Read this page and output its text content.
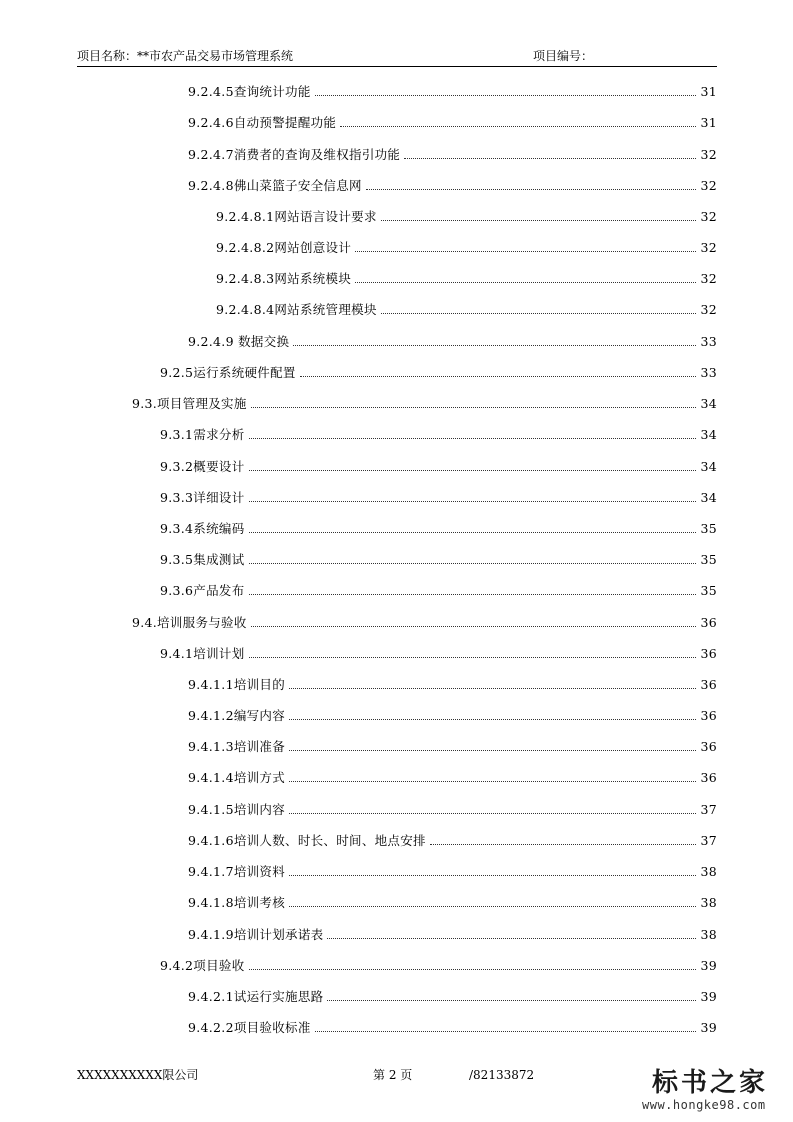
项目名称：**市农产品交易市场管理系统	项目编号：
9.2.4.5查询统计功能	31
9.2.4.6自动预警提醒功能	31
9.2.4.7消费者的查询及维权指引功能	32
9.2.4.8佛山菜篮子安全信息网	32
9.2.4.8.1网站语言设计要求	32
9.2.4.8.2网站创意设计	32
9.2.4.8.3网站系统模块	32
9.2.4.8.4网站系统管理模块	32
9.2.4.9 数据交换	33
9.2.5运行系统硬件配置	33
9.3.项目管理及实施	34
9.3.1需求分析	34
9.3.2概要设计	34
9.3.3详细设计	34
9.3.4系统编码	35
9.3.5集成测试	35
9.3.6产品发布	35
9.4.培训服务与验收	36
9.4.1培训计划	36
9.4.1.1培训目的	36
9.4.1.2编写内容	36
9.4.1.3培训准备	36
9.4.1.4培训方式	36
9.4.1.5培训内容	37
9.4.1.6培训人数、时长、时间、地点安排	37
9.4.1.7培训资料	38
9.4.1.8培训考核	38
9.4.1.9培训计划承诺表	38
9.4.2项目验收	39
9.4.2.1试运行实施思路	39
9.4.2.2项目验收标准	39
XXXXXXXXXX限公司	第 2 页	/82133872	标书之家
www.hongke98.com
